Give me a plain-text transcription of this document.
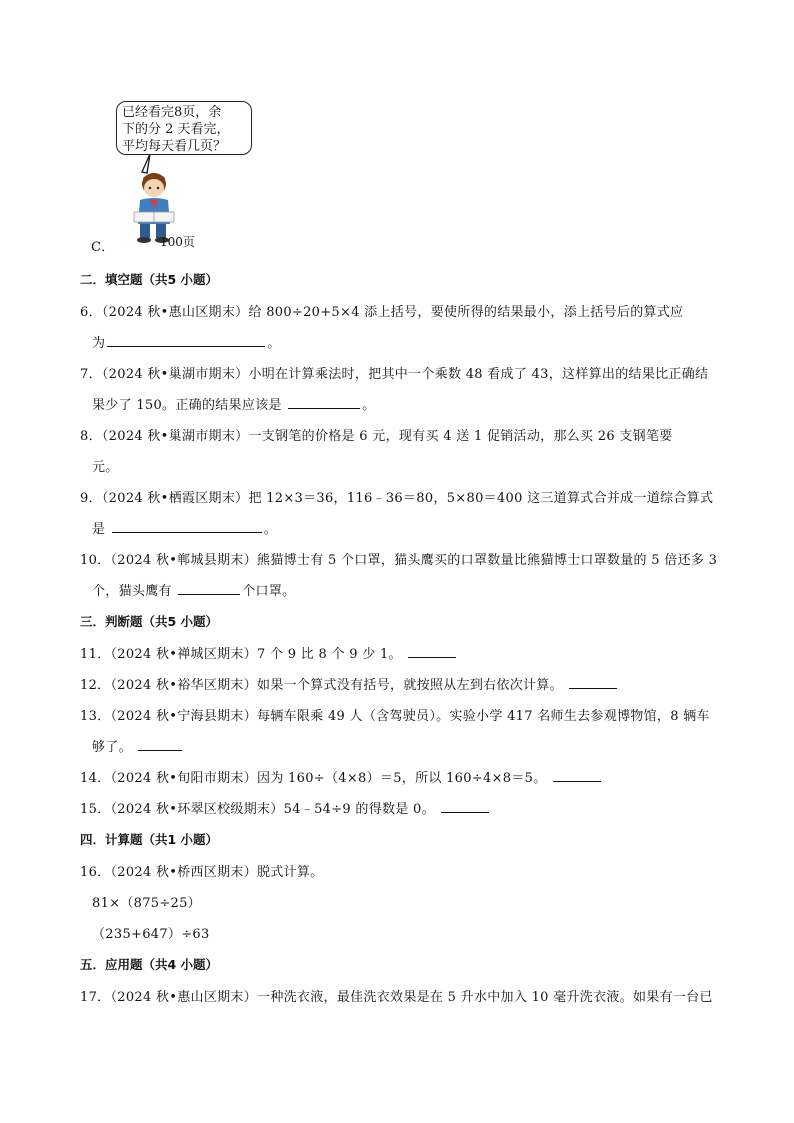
已经看完8页，余
下的分 2 天看完，
平均每天看几页？
C．	100页
二．填空题（共5 小题）
6．（2024 秋•惠山区期末）给 800÷20+5×4 添上括号，要使所得的结果最小，添上括号后的算式应
为	。
7．（2024 秋•巢湖市期末）小明在计算乘法时，把其中一个乘数 48 看成了 43，这样算出的结果比正确结
果少了 150。正确的结果应该是	。
8．（2024 秋•巢湖市期末）一支钢笔的价格是 6 元，现有买 4 送 1 促销活动，那么买 26 支钢笔要
元。
9．（2024 秋•栖霞区期末）把 12×3＝36，116﹣36＝80，5×80＝400 这三道算式合并成一道综合算式
是	。
10．（2024 秋•郸城县期末）熊猫博士有 5 个口罩，猫头鹰买的口罩数量比熊猫博士口罩数量的 5 倍还多 3
个，猫头鹰有	个口罩。
三．判断题（共5 小题）
11．（2024 秋•禅城区期末）7 个 9 比 8 个 9 少 1。
12．（2024 秋•裕华区期末）如果一个算式没有括号，就按照从左到右依次计算。
13．（2024 秋•宁海县期末）每辆车限乘 49 人（含驾驶员）。实验小学 417 名师生去参观博物馆，8 辆车
够了。
14．（2024 秋•旬阳市期末）因为 160÷（4×8）＝5，所以 160÷4×8＝5。
15．（2024 秋•环翠区校级期末）54﹣54÷9 的得数是 0。
四．计算题（共1 小题）
16．（2024 秋•桥西区期末）脱式计算。
81×（875÷25）
（235+647）÷63
五．应用题（共4 小题）
17．（2024 秋•惠山区期末）一种洗衣液，最佳洗衣效果是在 5 升水中加入 10 毫升洗衣液。如果有一台已
